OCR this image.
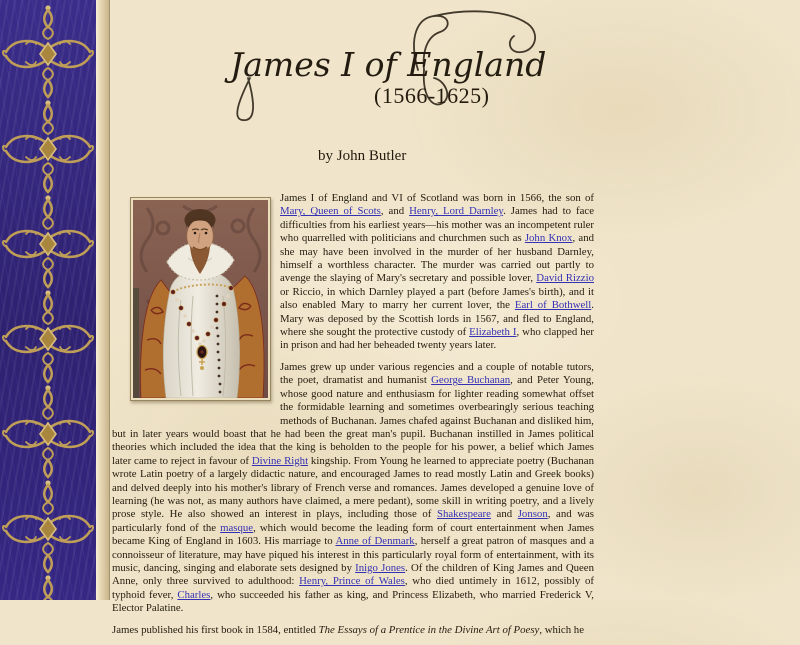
James I of England
(1566-1625)
by John Butler

James I of England and VI of Scotland was born in 1566, the son of Mary, Queen of Scots, and Henry, Lord Darnley. James had to face difficulties from his earliest years—his mother was an incompetent ruler who quarrelled with politicians and churchmen such as John Knox, and she may have been involved in the murder of her husband Darnley, himself a worthless character. The murder was carried out partly to avenge the slaying of Mary's secretary and possible lover, David Rizzio or Riccio, in which Darnley played a part (before James's birth), and it also enabled Mary to marry her current lover, the Earl of Bothwell. Mary was deposed by the Scottish lords in 1567, and fled to England, where she sought the protective custody of Elizabeth I, who clapped her in prison and had her beheaded twenty years later.

James grew up under various regencies and a couple of notable tutors, the poet, dramatist and humanist George Buchanan, and Peter Young, whose good nature and enthusiasm for lighter reading somewhat offset the formidable learning and sometimes overbearingly serious teaching methods of Buchanan. James chafed against Buchanan and disliked him, but in later years would boast that he had been the great man's pupil. Buchanan instilled in James political theories which included the idea that the king is beholden to the people for his power, a belief which James later came to reject in favour of Divine Right kingship. From Young he learned to appreciate poetry (Buchanan wrote Latin poetry of a largely didactic nature, and encouraged James to read mostly Latin and Greek books) and delved deeply into his mother's library of French verse and romances. James developed a genuine love of learning (he was not, as many authors have claimed, a mere pedant), some skill in writing poetry, and a lively prose style. He also showed an interest in plays, including those of Shakespeare and Jonson, and was particularly fond of the masque, which would become the leading form of court entertainment when James became King of England in 1603. His marriage to Anne of Denmark, herself a great patron of masques and a connoisseur of literature, may have piqued his interest in this particularly royal form of entertainment, with its music, dancing, singing and elaborate sets designed by Inigo Jones. Of the children of King James and Queen Anne, only three survived to adulthood: Henry, Prince of Wales, who died untimely in 1612, possibly of typhoid fever, Charles, who succeeded his father as king, and Princess Elizabeth, who married Frederick V, Elector Palatine.

James published his first book in 1584, entitled The Essays of a Prentice in the Divine Art of Poesy, which he
